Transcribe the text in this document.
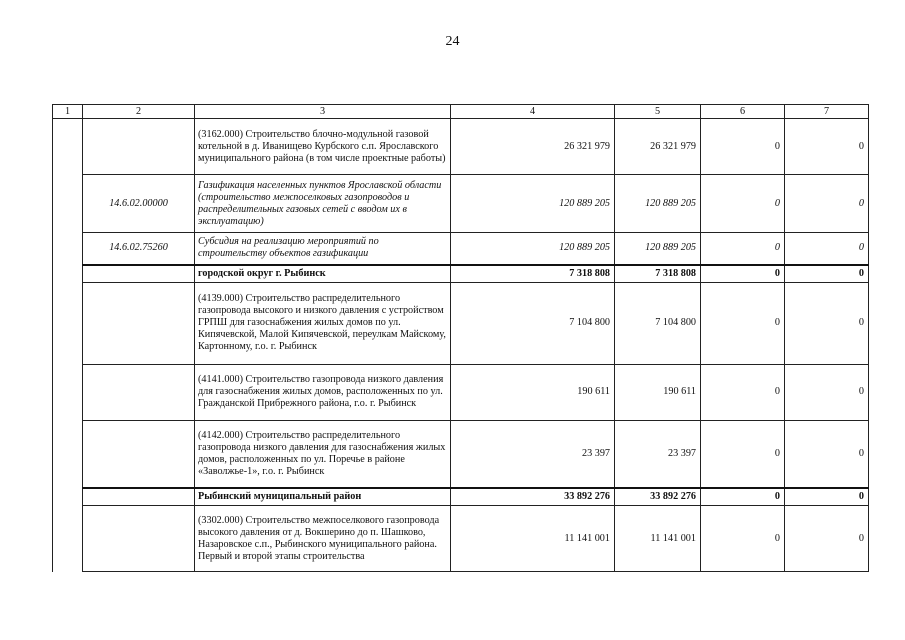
24
1	2	3	4	5	6	7
		(3162.000) Строительство блочно-модульной газовой котельной в д. Иванищево Курбского с.п. Ярославского муниципального района (в том числе проектные работы)	26 321 979	26 321 979	0	0
	14.6.02.00000	Газификация населенных пунктов Ярославской области (строительство межпоселковых газопроводов и распределительных газовых сетей с вводом их в эксплуатацию)	120 889 205	120 889 205	0	0
	14.6.02.75260	Субсидия на реализацию мероприятий по строительству объектов газификации	120 889 205	120 889 205	0	0
		городской округ г. Рыбинск	7 318 808	7 318 808	0	0
		(4139.000) Строительство распределительного газопровода высокого и низкого давления с устройством ГРПШ для газоснабжения жилых домов по ул. Кипячевской, Малой Кипячевской, переулкам Майскому, Картонному, г.о. г. Рыбинск	7 104 800	7 104 800	0	0
		(4141.000) Строительство газопровода низкого давления для газоснабжения жилых домов, расположенных по ул. Гражданской Прибрежного района, г.о. г. Рыбинск	190 611	190 611	0	0
		(4142.000) Строительство распределительного газопровода низкого давления для газоснабжения жилых домов, расположенных по ул. Поречье в районе «Заволжье-1», г.о. г. Рыбинск	23 397	23 397	0	0
		Рыбинский муниципальный район	33 892 276	33 892 276	0	0
		(3302.000) Строительство межпоселкового газопровода высокого давления от д. Вокшерино до п. Шашково, Назаровское с.п., Рыбинского муниципального района. Первый и второй этапы строительства	11 141 001	11 141 001	0	0
